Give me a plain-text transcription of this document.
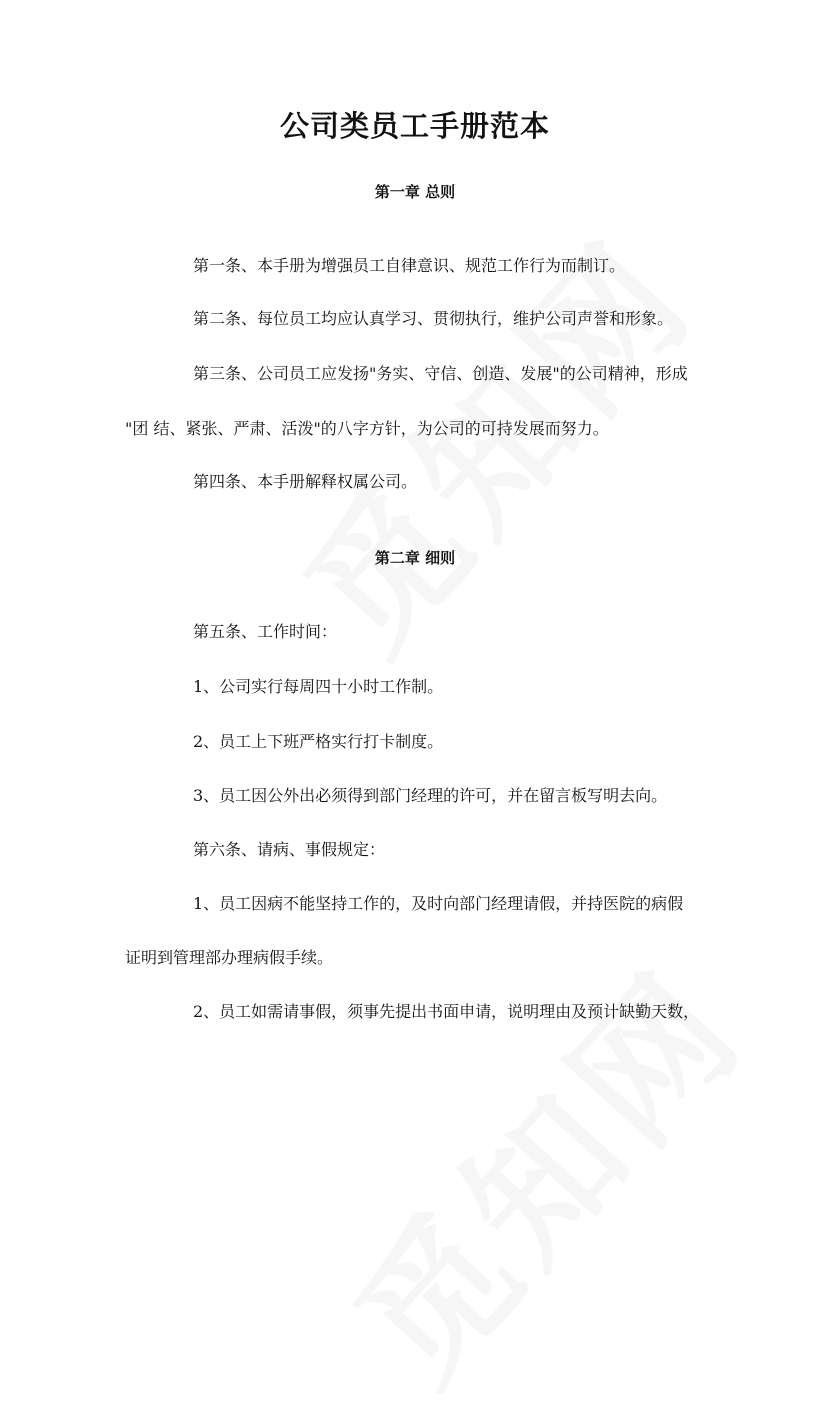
公司类员工手册范本
第一章 总则

第一条、本手册为增强员工自律意识、规范工作行为而制订。

第二条、每位员工均应认真学习、贯彻执行，维护公司声誉和形象。

第三条、公司员工应发扬"务实、守信、创造、发展"的公司精神，形成

"团 结、紧张、严肃、活泼"的八字方针，为公司的可持发展而努力。

第四条、本手册解释权属公司。

第二章 细则

第五条、工作时间：

1、公司实行每周四十小时工作制。

2、员工上下班严格实行打卡制度。

3、员工因公外出必须得到部门经理的许可，并在留言板写明去向。

第六条、请病、事假规定：

1、员工因病不能坚持工作的，及时向部门经理请假，并持医院的病假

证明到管理部办理病假手续。

2、员工如需请事假，须事先提出书面申请，说明理由及预计缺勤天数，
